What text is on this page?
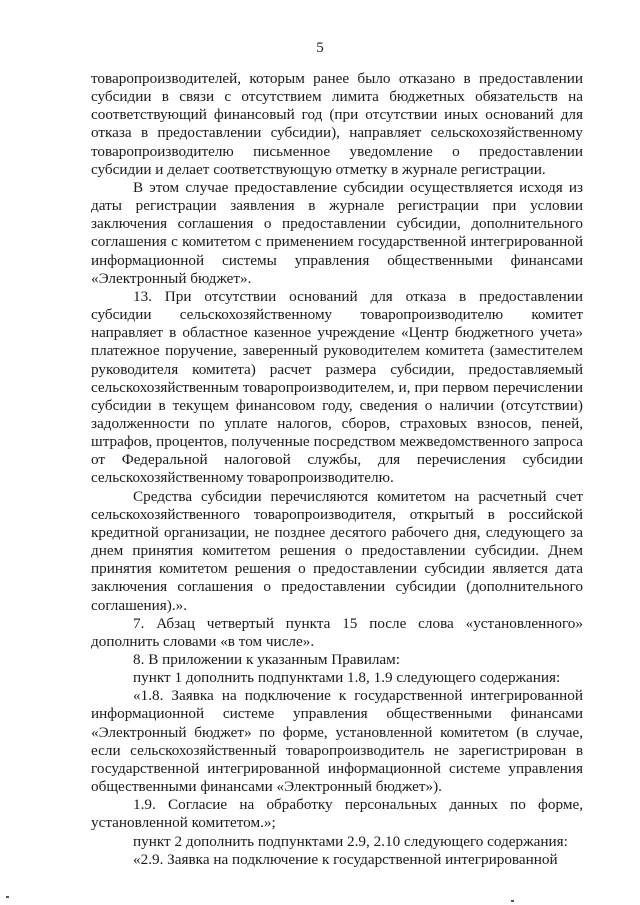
5

товаропроизводителей, которым ранее было отказано в предоставлении субсидии в связи с отсутствием лимита бюджетных обязательств на соответствующий финансовый год (при отсутствии иных оснований для отказа в предоставлении субсидии), направляет сельскохозяйственному товаропроизводителю письменное уведомление о предоставлении субсидии и делает соответствующую отметку в журнале регистрации.

В этом случае предоставление субсидии осуществляется исходя из даты регистрации заявления в журнале регистрации при условии заключения соглашения о предоставлении субсидии, дополнительного соглашения с комитетом с применением государственной интегрированной информационной системы управления общественными финансами «Электронный бюджет».

13. При отсутствии оснований для отказа в предоставлении субсидии сельскохозяйственному товаропроизводителю комитет направляет в областное казенное учреждение «Центр бюджетного учета» платежное поручение, заверенный руководителем комитета (заместителем руководителя комитета) расчет размера субсидии, предоставляемый сельскохозяйственным товаропроизводителем, и, при первом перечислении субсидии в текущем финансовом году, сведения о наличии (отсутствии) задолженности по уплате налогов, сборов, страховых взносов, пеней, штрафов, процентов, полученные посредством межведомственного запроса от Федеральной налоговой службы, для перечисления субсидии сельскохозяйственному товаропроизводителю.

Средства субсидии перечисляются комитетом на расчетный счет сельскохозяйственного товаропроизводителя, открытый в российской кредитной организации, не позднее десятого рабочего дня, следующего за днем принятия комитетом решения о предоставлении субсидии. Днем принятия комитетом решения о предоставлении субсидии является дата заключения соглашения о предоставлении субсидии (дополнительного соглашения).».

7. Абзац четвертый пункта 15 после слова «установленного» дополнить словами «в том числе».

8. В приложении к указанным Правилам:

пункт 1 дополнить подпунктами 1.8, 1.9 следующего содержания:

«1.8. Заявка на подключение к государственной интегрированной информационной системе управления общественными финансами «Электронный бюджет» по форме, установленной комитетом (в случае, если сельскохозяйственный товаропроизводитель не зарегистрирован в государственной интегрированной информационной системе управления общественными финансами «Электронный бюджет»).

1.9. Согласие на обработку персональных данных по форме, установленной комитетом.»;

пункт 2 дополнить подпунктами 2.9, 2.10 следующего содержания:

«2.9. Заявка на подключение к государственной интегрированной
